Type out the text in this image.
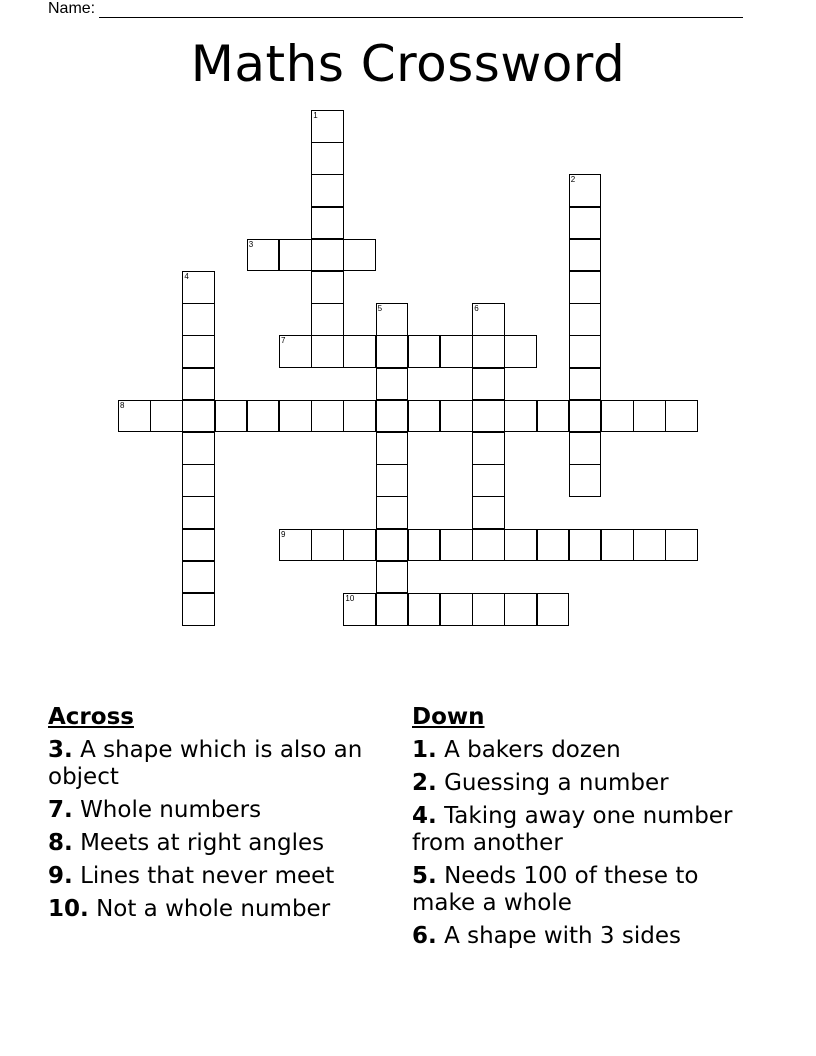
Name:
Maths Crossword
1
2
3
4
5	6
7
8
9
10
Across
3. A shape which is also an object
7. Whole numbers
8. Meets at right angles
9. Lines that never meet
10. Not a whole number
Down
1. A bakers dozen
2. Guessing a number
4. Taking away one number from another
5. Needs 100 of these to make a whole
6. A shape with 3 sides
